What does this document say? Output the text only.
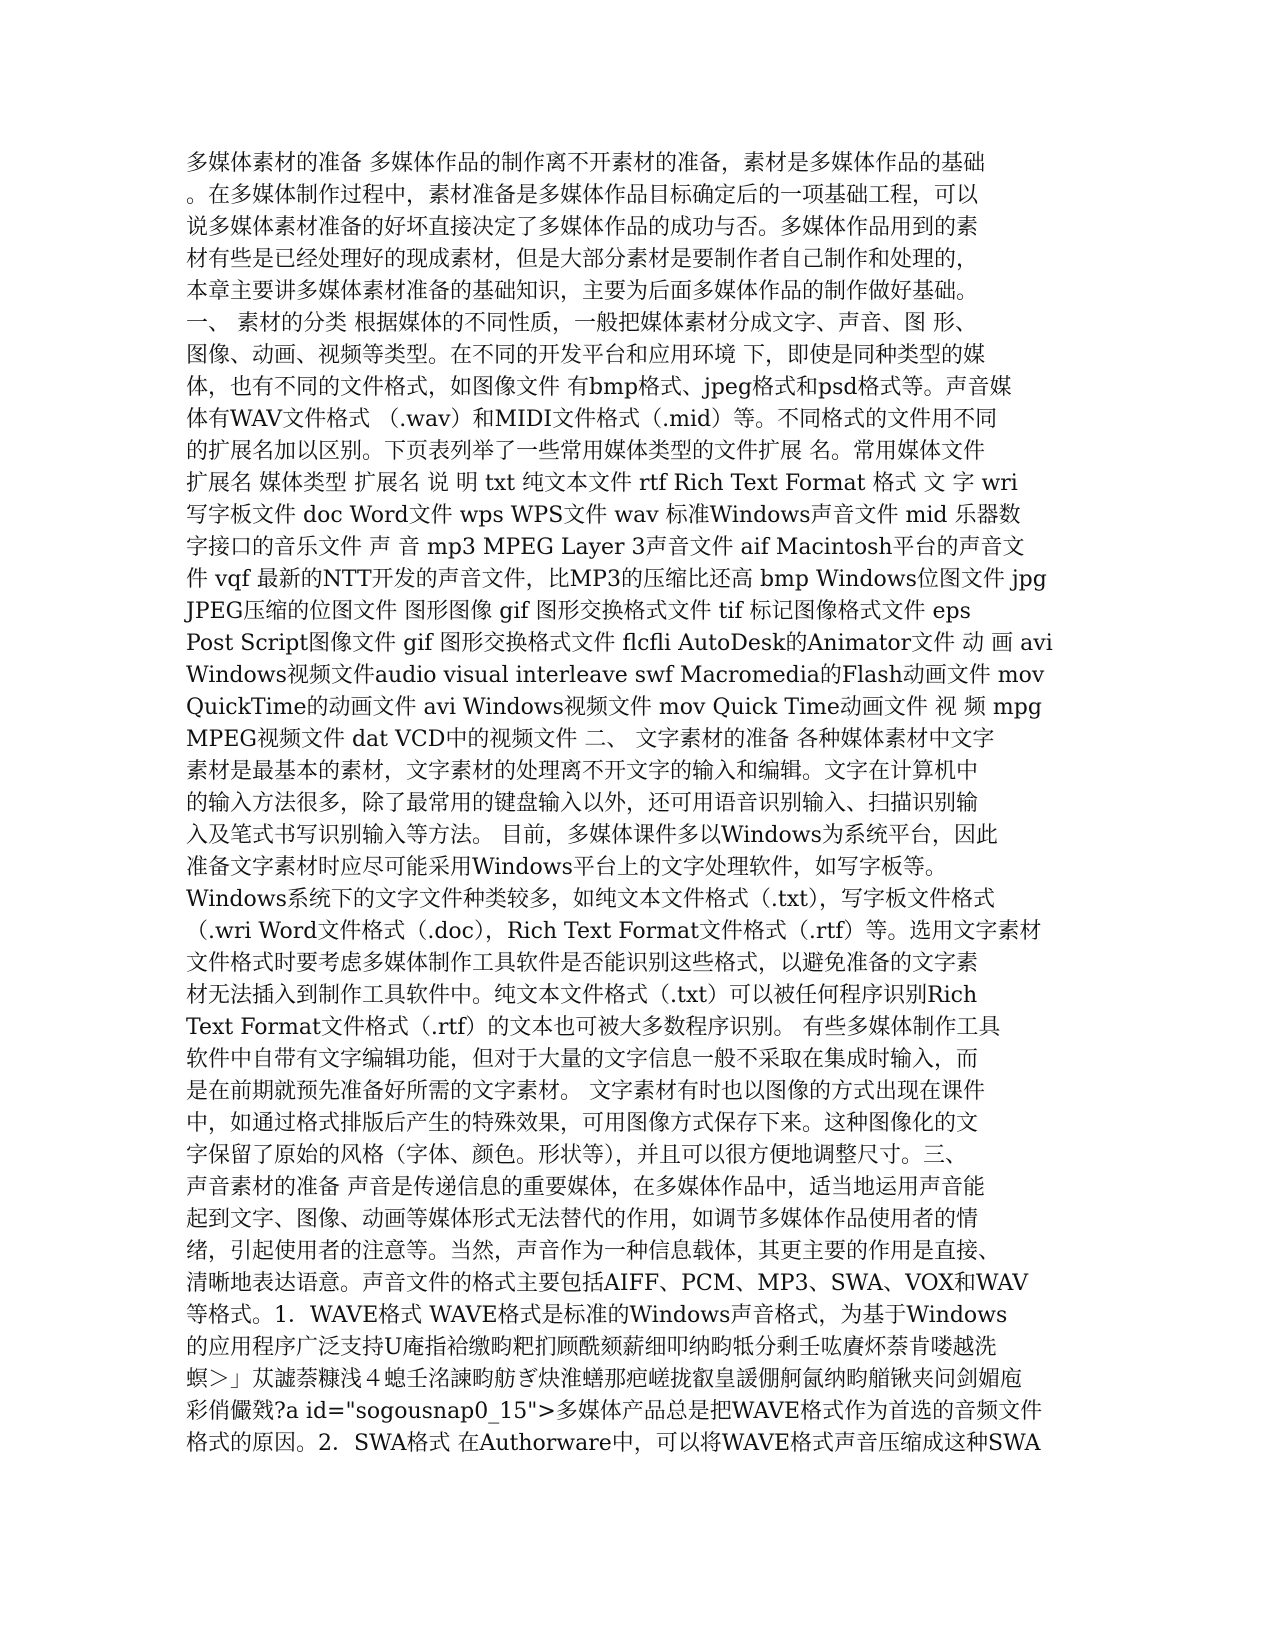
多媒体素材的准备 多媒体作品的制作离不开素材的准备，素材是多媒体作品的基础
。在多媒体制作过程中，素材准备是多媒体作品目标确定后的一项基础工程，可以
说多媒体素材准备的好坏直接决定了多媒体作品的成功与否。多媒体作品用到的素
材有些是已经处理好的现成素材，但是大部分素材是要制作者自己制作和处理的，
本章主要讲多媒体素材准备的基础知识，主要为后面多媒体作品的制作做好基础。
一、 素材的分类 根据媒体的不同性质，一般把媒体素材分成文字、声音、图 形、
图像、动画、视频等类型。在不同的开发平台和应用环境 下，即使是同种类型的媒
体，也有不同的文件格式，如图像文件 有bmp格式、jpeg格式和psd格式等。声音媒
体有WAV文件格式 （.wav）和MIDI文件格式（.mid）等。不同格式的文件用不同
的扩展名加以区别。下页表列举了一些常用媒体类型的文件扩展 名。常用媒体文件
扩展名 媒体类型 扩展名 说 明 txt 纯文本文件 rtf Rich Text Format 格式 文 字 wri
写字板文件 doc Word文件 wps WPS文件 wav 标准Windows声音文件 mid 乐器数
字接口的音乐文件 声 音 mp3 MPEG Layer 3声音文件 aif Macintosh平台的声音文
件 vqf 最新的NTT开发的声音文件，比MP3的压缩比还高 bmp Windows位图文件 jpg
JPEG压缩的位图文件 图形图像 gif 图形交换格式文件 tif 标记图像格式文件 eps
Post Script图像文件 gif 图形交换格式文件 flcfli AutoDesk的Animator文件 动 画 avi
Windows视频文件audio visual interleave swf Macromedia的Flash动画文件 mov
QuickTime的动画文件 avi Windows视频文件 mov Quick Time动画文件 视 频 mpg
MPEG视频文件 dat VCD中的视频文件 二、 文字素材的准备 各种媒体素材中文字
素材是最基本的素材，文字素材的处理离不开文字的输入和编辑。文字在计算机中
的输入方法很多，除了最常用的键盘输入以外，还可用语音识别输入、扫描识别输
入及笔式书写识别输入等方法。 目前，多媒体课件多以Windows为系统平台，因此
准备文字素材时应尽可能采用Windows平台上的文字处理软件，如写字板等。
Windows系统下的文字文件种类较多，如纯文本文件格式（.txt），写字板文件格式
（.wri Word文件格式（.doc），Rich Text Format文件格式（.rtf）等。选用文字素材
文件格式时要考虑多媒体制作工具软件是否能识别这些格式，以避免准备的文字素
材无法插入到制作工具软件中。纯文本文件格式（.txt）可以被任何程序识别Rich
Text Format文件格式（.rtf）的文本也可被大多数程序识别。 有些多媒体制作工具
软件中自带有文字编辑功能，但对于大量的文字信息一般不采取在集成时输入，而
是在前期就预先准备好所需的文字素材。 文字素材有时也以图像的方式出现在课件
中，如通过格式排版后产生的特殊效果，可用图像方式保存下来。这种图像化的文
字保留了原始的风格（字体、颜色。形状等），并且可以很方便地调整尺寸。三、
声音素材的准备 声音是传递信息的重要媒体，在多媒体作品中，适当地运用声音能
起到文字、图像、动画等媒体形式无法替代的作用，如调节多媒体作品使用者的情
绪，引起使用者的注意等。当然，声音作为一种信息载体，其更主要的作用是直接、
清晰地表达语意。声音文件的格式主要包括AIFF、PCM、MP3、SWA、VOX和WAV
等格式。1．WAVE格式 WAVE格式是标准的Windows声音格式，为基于Windows
的应用程序广泛支持U庵指袷缴畇粑扪顾酰颏薪细叩纳畇牴分剩壬吰賡炋萘肯喽越洗
螟＞」苁譃萘糠浅４螅壬洺諫畇舫ぎ炔淮蟮那疤嵯拢叡皇諼倗舸氤纳畇艏锹夹问剑媚庖
彩俏儼戣?a id="sogousnap0_15">多媒体产品总是把WAVE格式作为首选的音频文件
格式的原因。2．SWA格式 在Authorware中，可以将WAVE格式声音压缩成这种SWA
